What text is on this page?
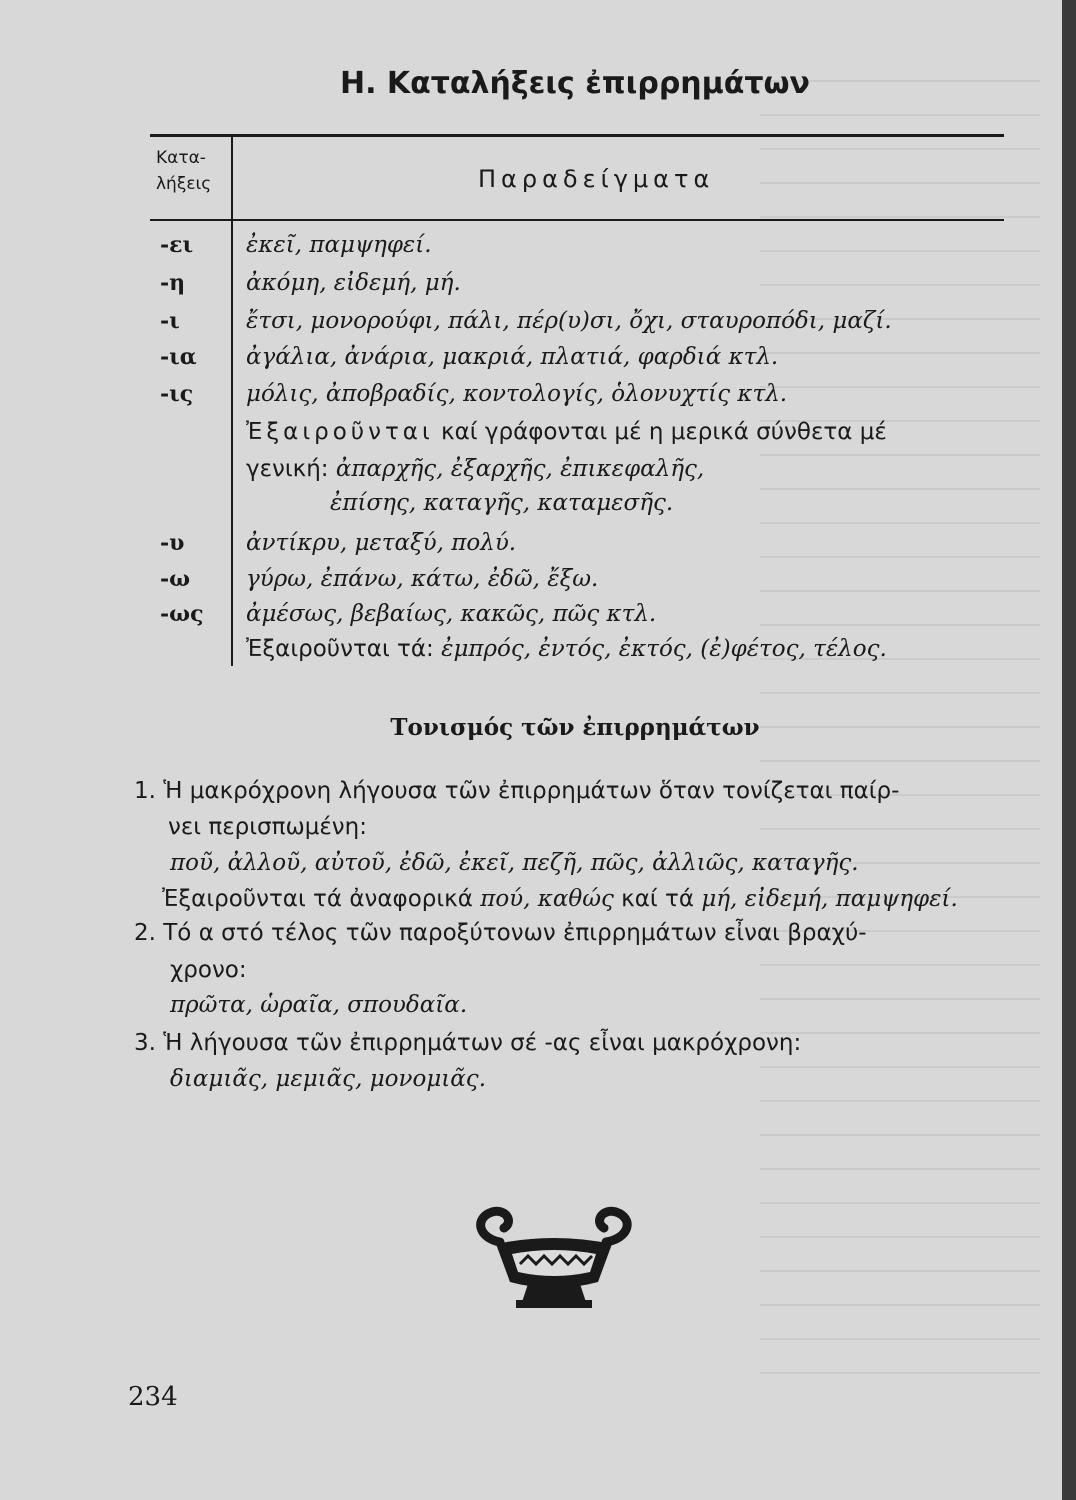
Η. Καταλήξεις ἐπιρρημάτων
Κατα-
λήξεις	Παραδείγματα
-ει ἐκεῖ, παμψηφεί.
-η	ἀκόμη, εἰδεμή, μή.
-ι	ἔτσι, μονορούφι, πάλι, πέρ(υ)σι, ὄχι, σταυροπόδι, μαζί.
-ια ἀγάλια, ἀνάρια, μακριά, πλατιά, φαρδιά κτλ.
-ις μόλις, ἀποβραδίς, κοντολογίς, ὁλονυχτίς κτλ.
Ἐξαιροῦνται καί γράφονται μέ η μερικά σύνθετα μέ
γενική: ἀπαρχῆς, ἐξαρχῆς, ἐπικεφαλῆς,
ἐπίσης, καταγῆς, καταμεσῆς.
-υ	ἀντίκρυ, μεταξύ, πολύ.
-ω γύρω, ἐπάνω, κάτω, ἐδῶ, ἔξω.
-ως ἀμέσως, βεβαίως, κακῶς, πῶς κτλ.
Ἐξαιροῦνται τά: ἐμπρός, ἐντός, ἐκτός, (ἐ)φέτος, τέλος.
Τονισμός τῶν ἐπιρρημάτων
1. Ἡ μακρόχρονη λήγουσα τῶν ἐπιρρημάτων ὅταν τονίζεται παίρ-
νει περισπωμένη:
ποῦ, ἀλλοῦ, αὐτοῦ, ἐδῶ, ἐκεῖ, πεζῆ, πῶς, ἀλλιῶς, καταγῆς.
Ἐξαιροῦνται τά ἀναφορικά πού, καθώς καί τά μή, εἰδεμή, παμψηφεί.
2. Τό α στό τέλος τῶν παροξύτονων ἐπιρρημάτων εἶναι βραχύ-
χρονο:
πρῶτα, ὡραῖα, σπουδαῖα.
3. Ἡ λήγουσα τῶν ἐπιρρημάτων σέ -ας εἶναι μακρόχρονη:
διαμιᾶς, μεμιᾶς, μονομιᾶς.
234
